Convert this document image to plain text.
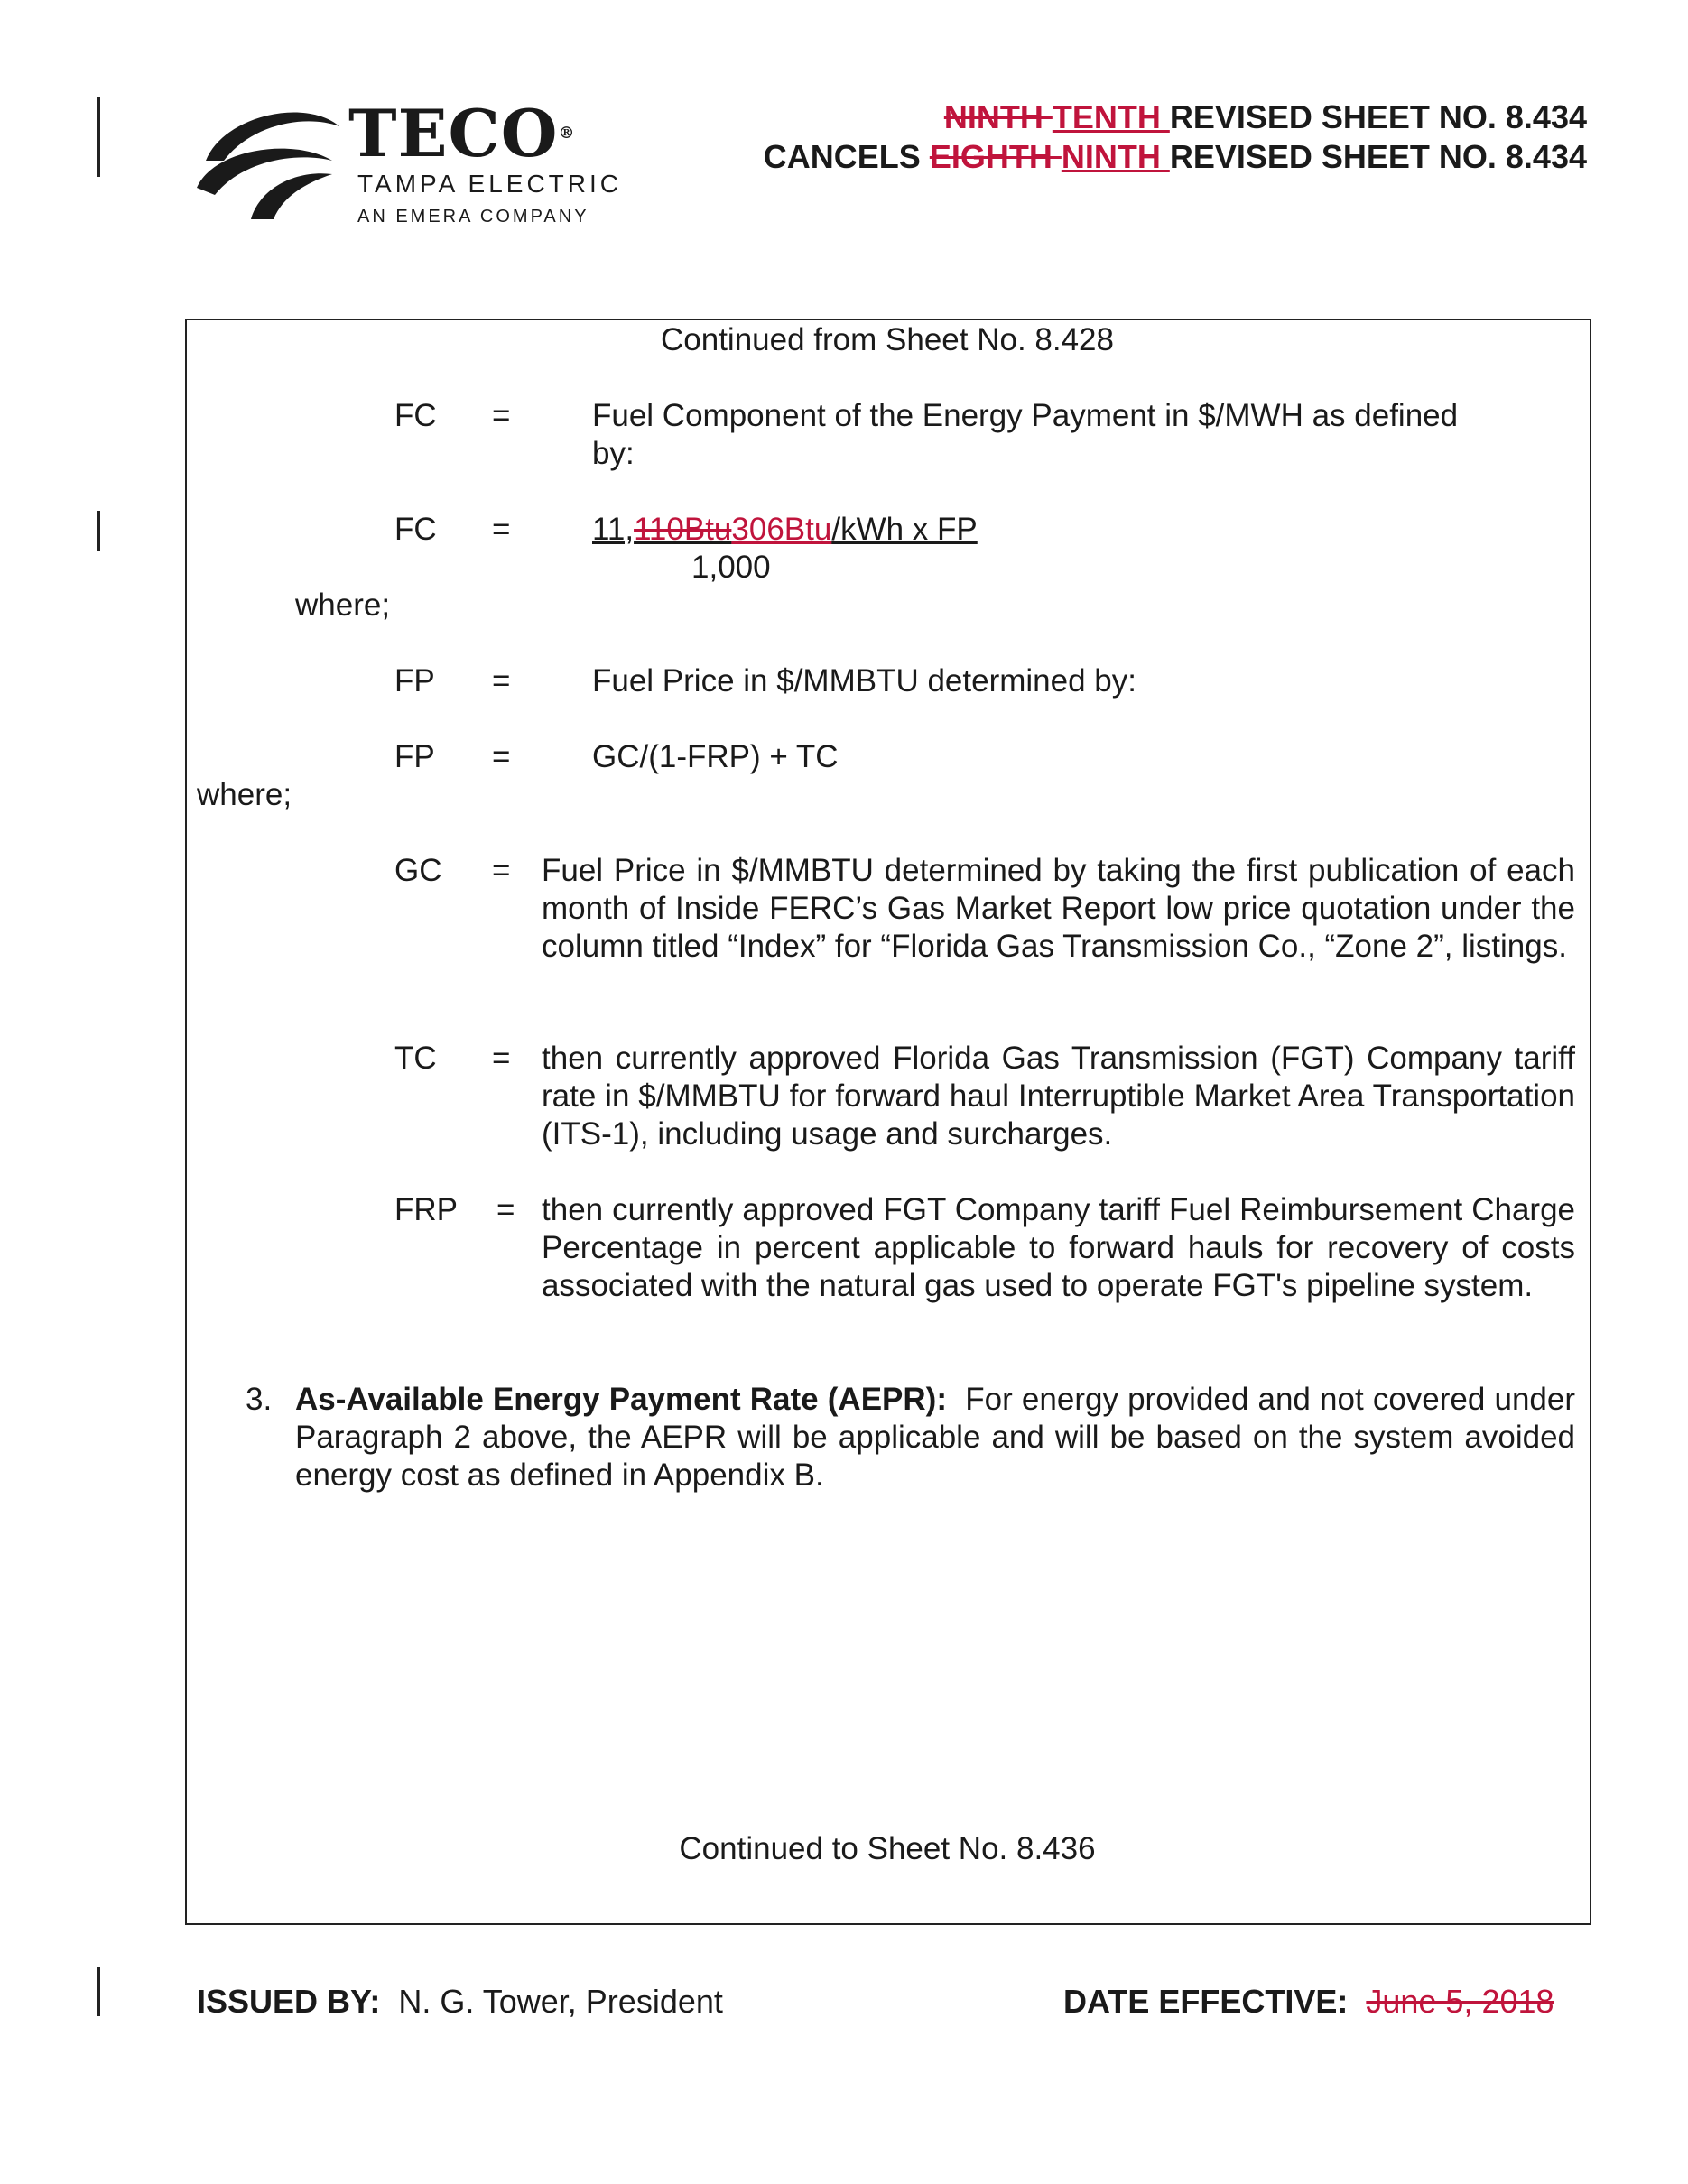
TECO®
TAMPA ELECTRIC
AN EMERA COMPANY
NINTH TENTH REVISED SHEET NO. 8.434
CANCELS EIGHTH NINTH REVISED SHEET NO. 8.434
Continued from Sheet No. 8.428
FC =	Fuel Component of the Energy Payment in $/MWH as defined
by:
FC =	11,110Btu306Btu/kWh x FP
1,000
where;
FP =	Fuel Price in $/MMBTU determined by:
FP =	GC/(1-FRP) + TC
where;
GC = Fuel Price in $/MMBTU determined by taking the first publication of each month of Inside FERC’s Gas Market Report low price quotation under the column titled “Index” for “Florida Gas Transmission Co., “Zone 2”, listings.
TC = then currently approved Florida Gas Transmission (FGT) Company tariff rate in $/MMBTU for forward haul Interruptible Market Area Transportation (ITS-1), including usage and surcharges.
FRP = then currently approved FGT Company tariff Fuel Reimbursement Charge Percentage in percent applicable to forward hauls for recovery of costs associated with the natural gas used to operate FGT's pipeline system.
3. As-Available Energy Payment Rate (AEPR): For energy provided and not covered under Paragraph 2 above, the AEPR will be applicable and will be based on the system avoided energy cost as defined in Appendix B.
Continued to Sheet No. 8.436
ISSUED BY: N. G. Tower, President	DATE EFFECTIVE: June 5, 2018
